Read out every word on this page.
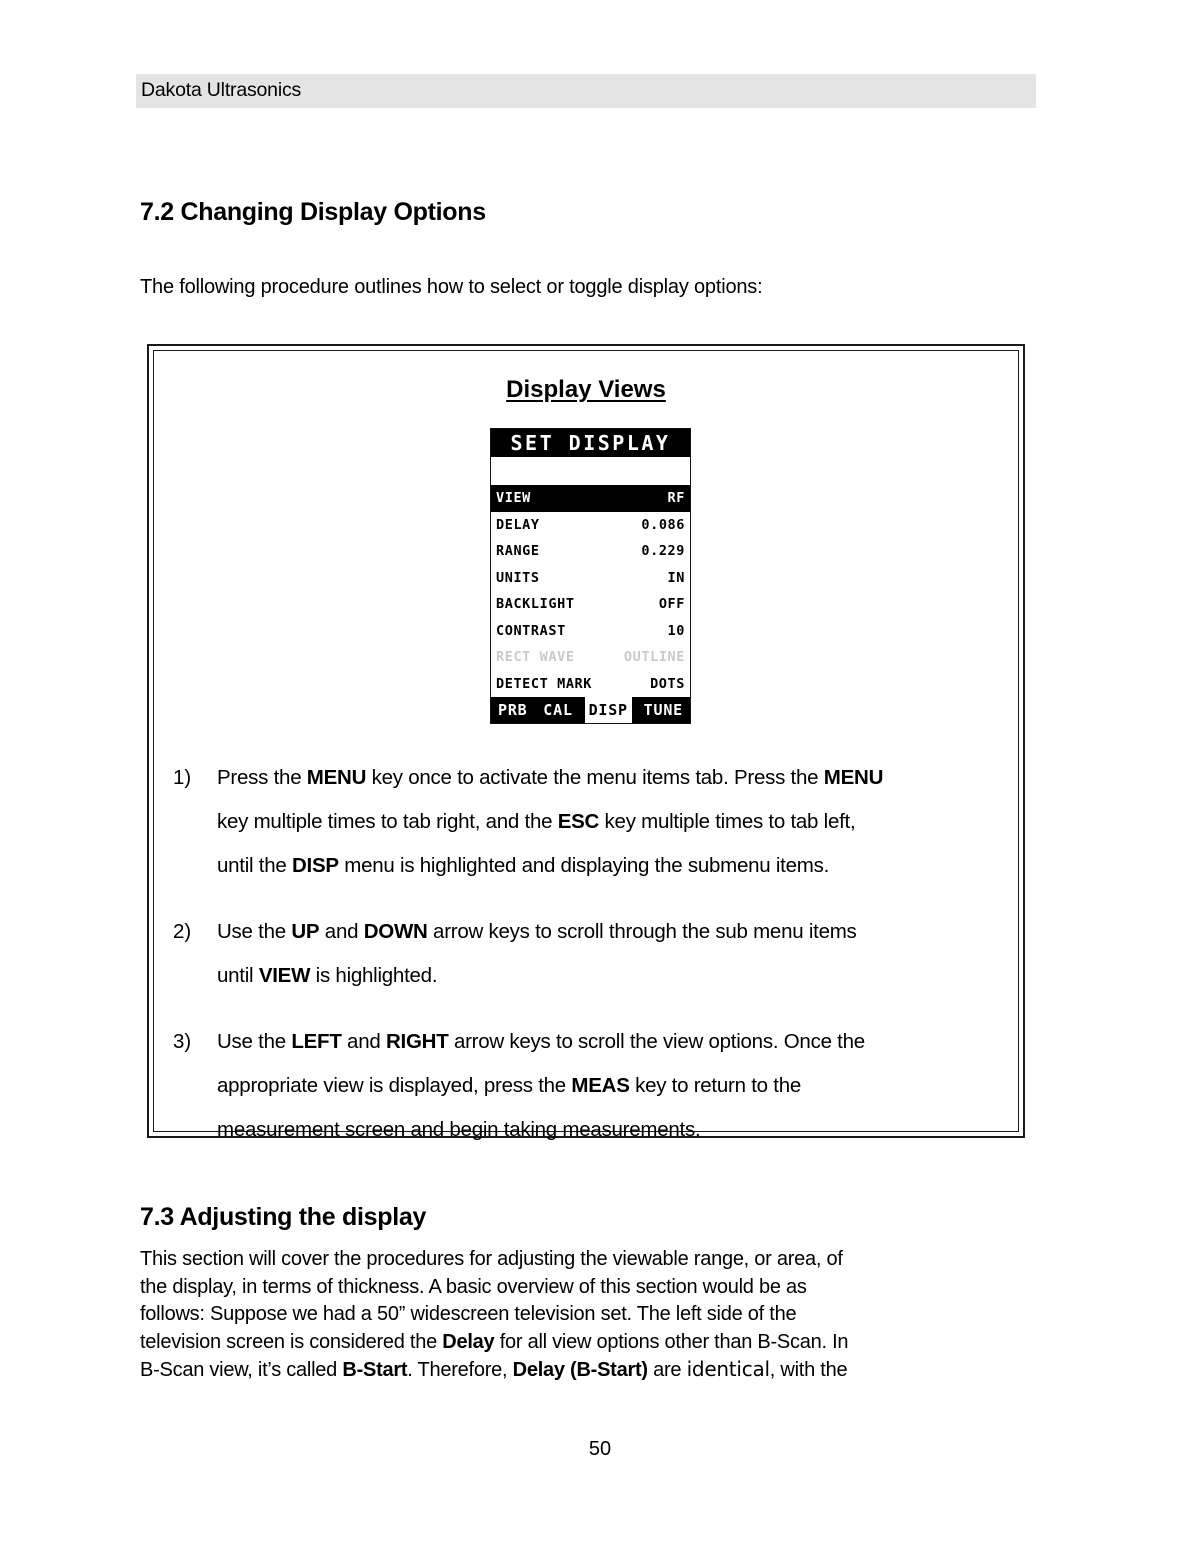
Dakota Ultrasonics
7.2 Changing Display Options
The following procedure outlines how to select or toggle display options:
Display Views
SET DISPLAY
VIEW	RF
DELAY	0.086
RANGE	0.229
UNITS	IN
BACKLIGHT	OFF
CONTRAST	10
RECT WAVE	OUTLINE
DETECT MARK	DOTS
PRB CAL DISP TUNE
1)	Press the MENU key once to activate the menu items tab. Press the MENU
key multiple times to tab right, and the ESC key multiple times to tab left,
until the DISP menu is highlighted and displaying the submenu items.
2)	Use the UP and DOWN arrow keys to scroll through the sub menu items
until VIEW is highlighted.
3)	Use the LEFT and RIGHT arrow keys to scroll the view options. Once the
appropriate view is displayed, press the MEAS key to return to the
measurement screen and begin taking measurements.
7.3 Adjusting the display
This section will cover the procedures for adjusting the viewable range, or area, of
the display, in terms of thickness. A basic overview of this section would be as
follows: Suppose we had a 50” widescreen television set. The left side of the
television screen is considered the Delay for all view options other than B-Scan. In
B-Scan view, it’s called B-Start. Therefore, Delay (B-Start) are identical, with the
50
